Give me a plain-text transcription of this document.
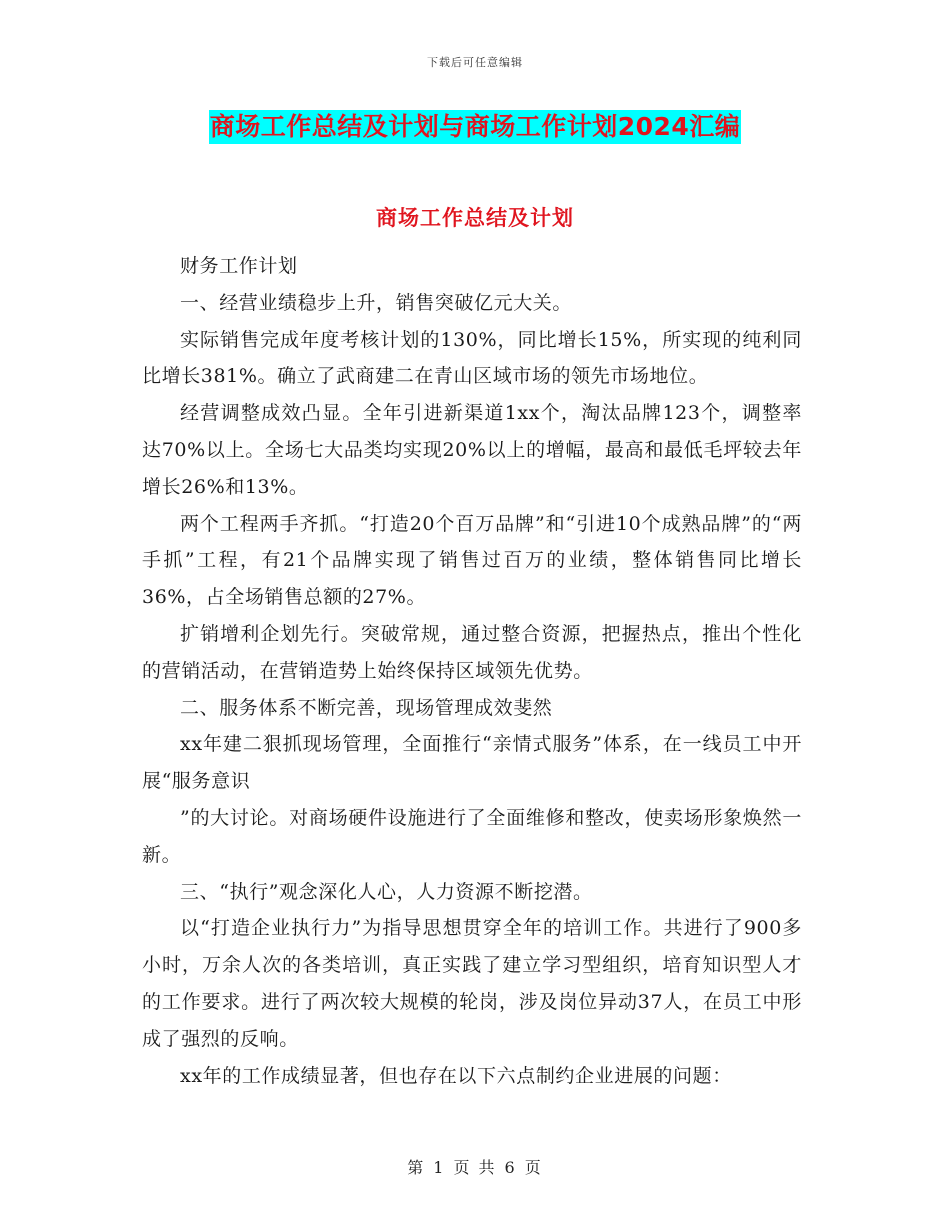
下载后可任意编辑
商场工作总结及计划与商场工作计划2024汇编
商场工作总结及计划

财务工作计划

一、经营业绩稳步上升，销售突破亿元大关。

实际销售完成年度考核计划的130%，同比增长15%，所实现的纯利同比增长381%。确立了武商建二在青山区域市场的领先市场地位。

经营调整成效凸显。全年引进新渠道1xx个，淘汰品牌123个，调整率达70%以上。全场七大品类均实现20%以上的增幅，最高和最低毛坪较去年增长26%和13%。

两个工程两手齐抓。“打造20个百万品牌”和“引进10个成熟品牌”的“两手抓”工程，有21个品牌实现了销售过百万的业绩，整体销售同比增长36%，占全场销售总额的27%。

扩销增利企划先行。突破常规，通过整合资源，把握热点，推出个性化的营销活动，在营销造势上始终保持区域领先优势。

二、服务体系不断完善，现场管理成效斐然

xx年建二狠抓现场管理，全面推行“亲情式服务”体系，在一线员工中开展“服务意识

”的大讨论。对商场硬件设施进行了全面维修和整改，使卖场形象焕然一新。

三、“执行”观念深化人心，人力资源不断挖潜。

以“打造企业执行力”为指导思想贯穿全年的培训工作。共进行了900多小时，万余人次的各类培训，真正实践了建立学习型组织，培育知识型人才的工作要求。进行了两次较大规模的轮岗，涉及岗位异动37人，在员工中形成了强烈的反响。

xx年的工作成绩显著，但也存在以下六点制约企业进展的问题：

第 1 页 共 6 页
